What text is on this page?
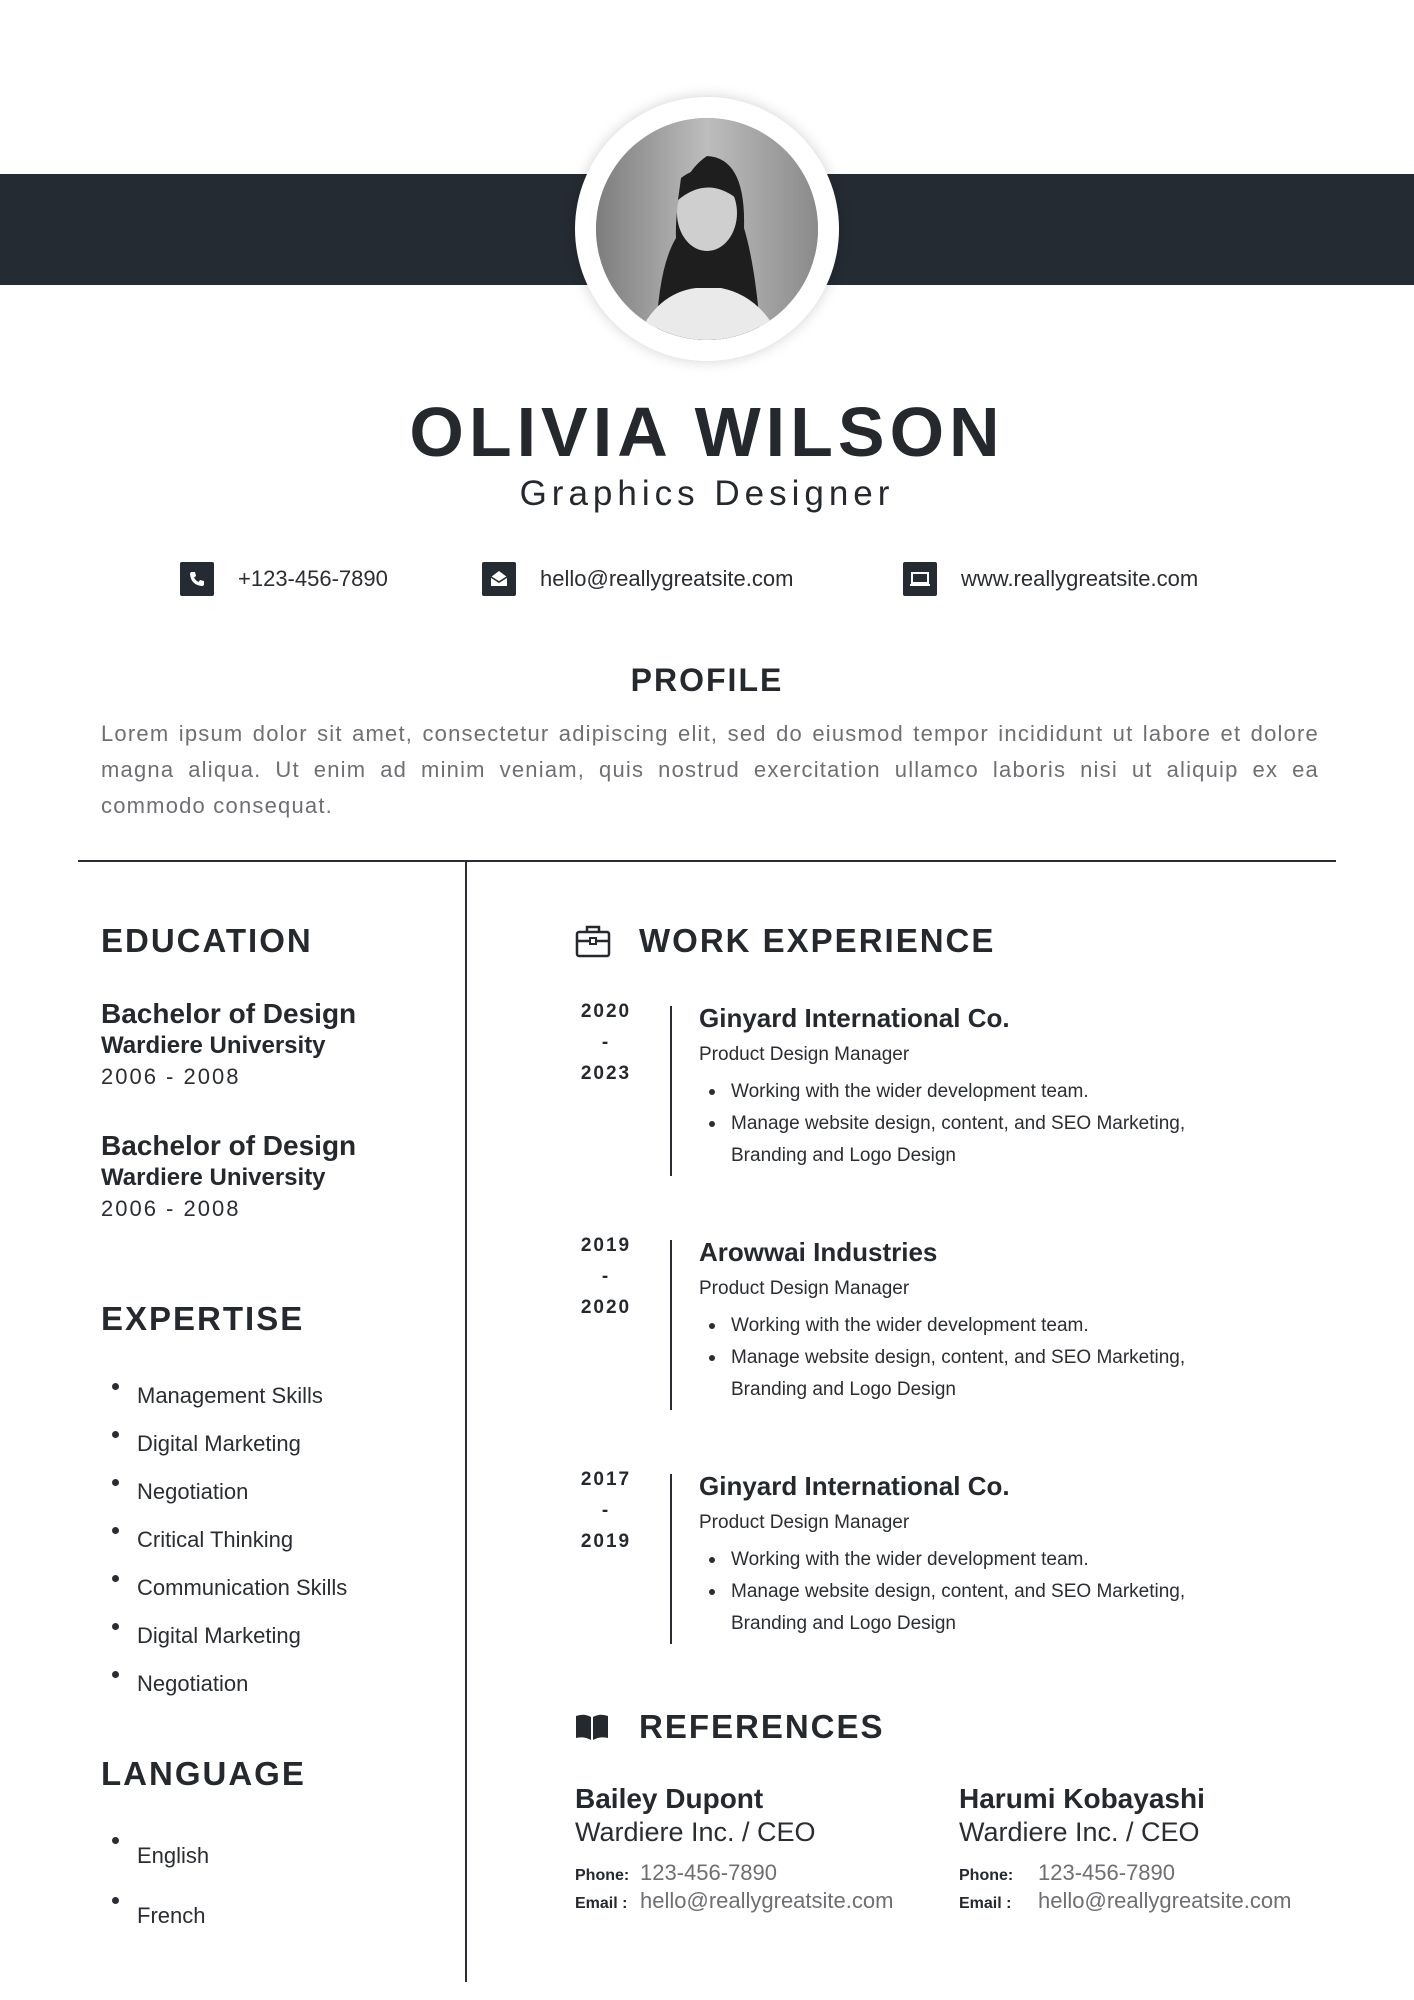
OLIVIA WILSON
Graphics Designer
+123-456-7890	hello@reallygreatsite.com	www.reallygreatsite.com
PROFILE
Lorem ipsum dolor sit amet, consectetur adipiscing elit, sed do eiusmod tempor incididunt ut labore et dolore magna aliqua. Ut enim ad minim veniam, quis nostrud exercitation ullamco laboris nisi ut aliquip ex ea commodo consequat.
EDUCATION
Bachelor of Design
Wardiere University
2006 - 2008
Bachelor of Design
Wardiere University
2006 - 2008
EXPERTISE
Management Skills
Digital Marketing
Negotiation
Critical Thinking
Communication Skills
Digital Marketing
Negotiation
LANGUAGE
English
French
WORK EXPERIENCE
2020
-
2023
Ginyard International Co.
Product Design Manager
Working with the wider development team.
Manage website design, content, and SEO Marketing, Branding and Logo Design
2019
-
2020
Arowwai Industries
Product Design Manager
Working with the wider development team.
Manage website design, content, and SEO Marketing, Branding and Logo Design
2017
-
2019
Ginyard International Co.
Product Design Manager
Working with the wider development team.
Manage website design, content, and SEO Marketing, Branding and Logo Design
REFERENCES
Bailey Dupont
Wardiere Inc. / CEO
Phone: 123-456-7890
Email : hello@reallygreatsite.com
Harumi Kobayashi
Wardiere Inc. / CEO
Phone:	123-456-7890
Email :	hello@reallygreatsite.com
